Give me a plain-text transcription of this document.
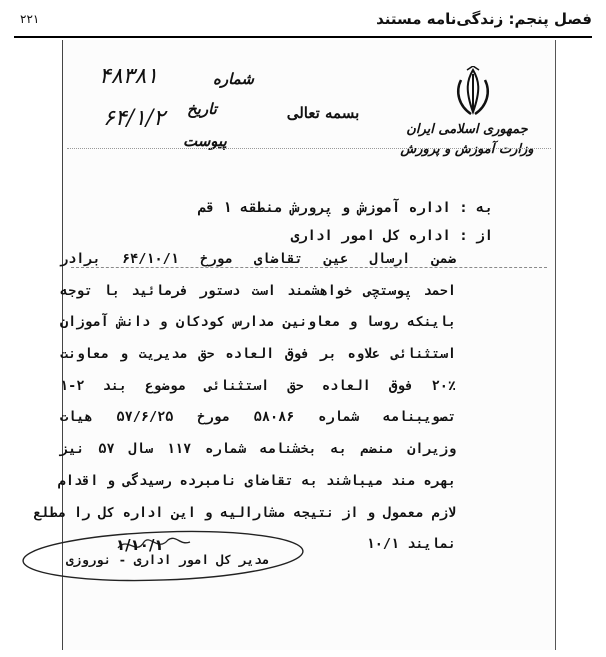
فصل پنجم: زندگی‌نامه مستند
۲۲۱
جمهوری اسلامی ایران
وزارت آموزش و پرورش
بسمه تعالی
شماره
۴۸۳۸۱
تاریخ
۶۴/۱/۲
پیوست
به : اداره آموزش و پرورش منطقه ۱ قم
از : اداره کل امور اداری
ضمن ارسال عین تقاضای مورخ ۶۴/۱۰/۱ برادر
احمد پوستچی خواهشمند است دستور فرمائید با توجه
باینکه روسا و معاونین مدارس کودکان و دانش آموزان
استثنائی علاوه بر فوق العاده حق مدیریت و معاونت
۲۰٪ فوق العاده حق استثنائی موضوع بند ۲-۱
تصویبنامه شماره ۵۸۰۸۶ مورخ ۵۷/۶/۲۵ هیات
وزیران منضم به بخشنامه شماره ۱۱۷ سال ۵۷ نیز
بهره مند میباشند به تقاضای نامبرده رسیدگی و اقدام
لازم معمول و از نتیجه مشارالیه و این اداره کل را مطلع
نمایند ۱۰/۱
۱/۱۰/۱
مدیر کل امور اداری - نوروزی
